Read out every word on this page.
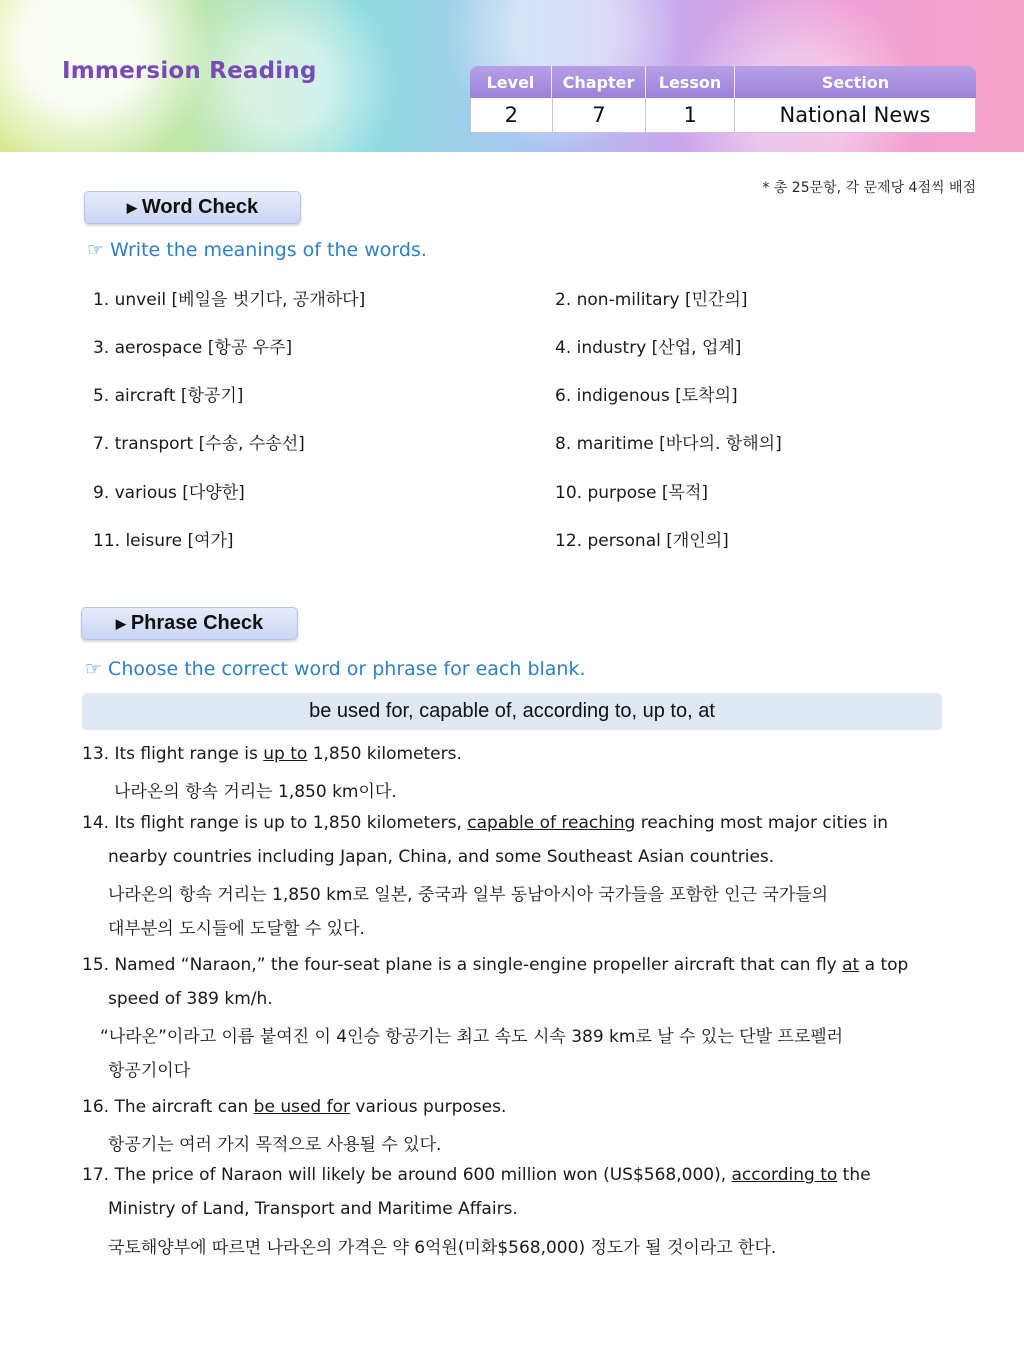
Immersion Reading	Level	Chapter	Lesson	Section
2	7	1	National News
* 총 25문항, 각 문제당 4점씩 배점
▶ Word Check
☞ Write the meanings of the words.
1. unveil [베일을 벗기다, 공개하다]	2. non-military [민간의]
3. aerospace [항공 우주]	4. industry [산업, 업계]
5. aircraft [항공기]	6. indigenous [토착의]
7. transport [수송, 수송선]	8. maritime [바다의. 항해의]
9. various [다양한]	10. purpose [목적]
11. leisure [여가]	12. personal [개인의]
▶ Phrase Check
☞ Choose the correct word or phrase for each blank.
be used for, capable of, according to, up to, at
13. Its flight range is up to 1,850 kilometers.
나라온의 항속 거리는 1,850 km이다.
14. Its flight range is up to 1,850 kilometers, capable of reaching reaching most major cities in
nearby countries including Japan, China, and some Southeast Asian countries.
나라온의 항속 거리는 1,850 km로 일본, 중국과 일부 동남아시아 국가들을 포함한 인근 국가들의
대부분의 도시들에 도달할 수 있다.
15. Named “Naraon,” the four-seat plane is a single-engine propeller aircraft that can fly at a top
speed of 389 km/h.
“나라온”이라고 이름 붙여진 이 4인승 항공기는 최고 속도 시속 389 km로 날 수 있는 단발 프로펠러
항공기이다
16. The aircraft can be used for various purposes.
항공기는 여러 가지 목적으로 사용될 수 있다.
17. The price of Naraon will likely be around 600 million won (US$568,000), according to the
Ministry of Land, Transport and Maritime Affairs.
국토해양부에 따르면 나라온의 가격은 약 6억원(미화$568,000) 정도가 될 것이라고 한다.
